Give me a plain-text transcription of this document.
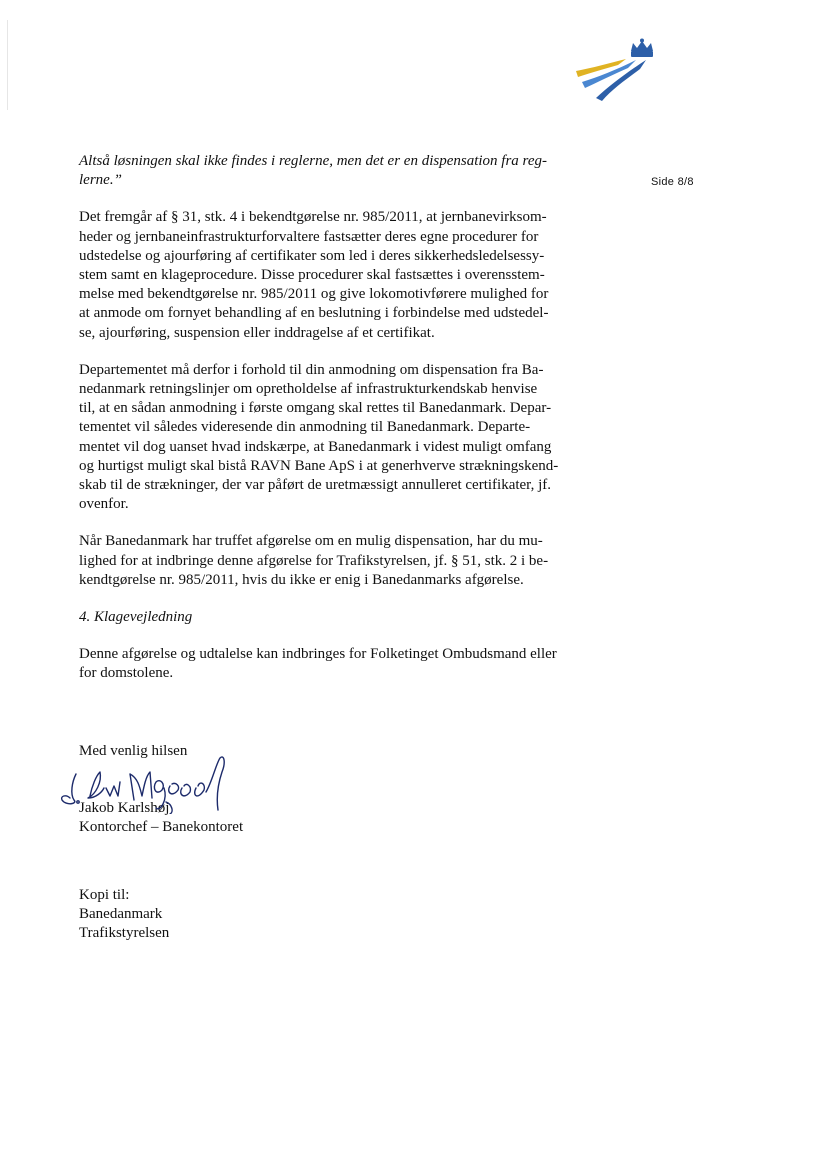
Side 8/8

Altså løsningen skal ikke findes i reglerne, men det er en dispensation fra reg-
lerne.”

Det fremgår af § 31, stk. 4 i bekendtgørelse nr. 985/2011, at jernbanevirksom-
heder og jernbaneinfrastrukturforvaltere fastsætter deres egne procedurer for
udstedelse og ajourføring af certifikater som led i deres sikkerhedsledelsessy-
stem samt en klageprocedure. Disse procedurer skal fastsættes i overensstem-
melse med bekendtgørelse nr. 985/2011 og give lokomotivførere mulighed for
at anmode om fornyet behandling af en beslutning i forbindelse med udstedel-
se, ajourføring, suspension eller inddragelse af et certifikat.

Departementet må derfor i forhold til din anmodning om dispensation fra Ba-
nedanmark retningslinjer om opretholdelse af infrastrukturkendskab henvise
til, at en sådan anmodning i første omgang skal rettes til Banedanmark. Depar-
tementet vil således videresende din anmodning til Banedanmark. Departe-
mentet vil dog uanset hvad indskærpe, at Banedanmark i videst muligt omfang
og hurtigst muligt skal bistå RAVN Bane ApS i at generhverve strækningskend-
skab til de strækninger, der var påført de uretmæssigt annulleret certifikater, jf.
ovenfor.

Når Banedanmark har truffet afgørelse om en mulig dispensation, har du mu-
lighed for at indbringe denne afgørelse for Trafikstyrelsen, jf. § 51, stk. 2 i be-
kendtgørelse nr. 985/2011, hvis du ikke er enig i Banedanmarks afgørelse.

4. Klagevejledning

Denne afgørelse og udtalelse kan indbringes for Folketinget Ombudsmand eller
for domstolene.

Med venlig hilsen
Jakob Karlshøj
Kontorchef – Banekontoret
Kopi til:
Banedanmark
Trafikstyrelsen
